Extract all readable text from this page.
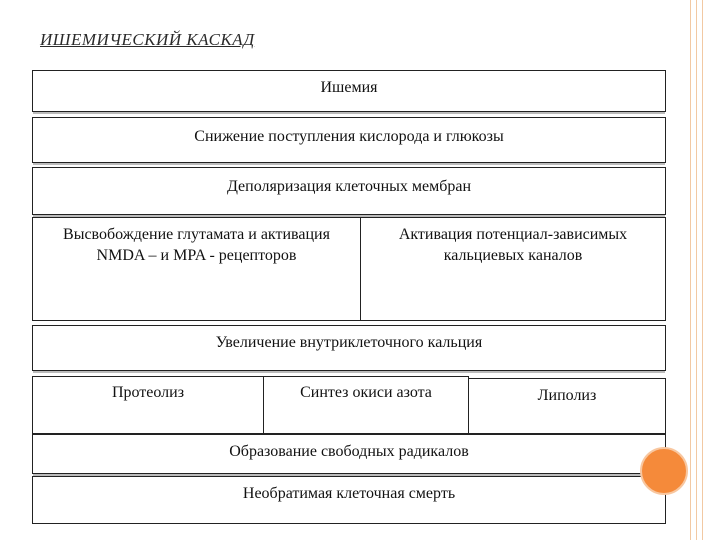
ИШЕМИЧЕСКИЙ КАСКАД
Ишемия
Снижение поступления кислорода и глюкозы
Деполяризация клеточных мембран
Высвобождение глутамата и активация NMDA – и MPA - рецепторов
Активация потенциал-зависимых кальциевых каналов
Увеличение внутриклеточного кальция
Протеолиз	Синтез окиси азота	Липолиз
Образование свободных радикалов
Необратимая клеточная смерть
